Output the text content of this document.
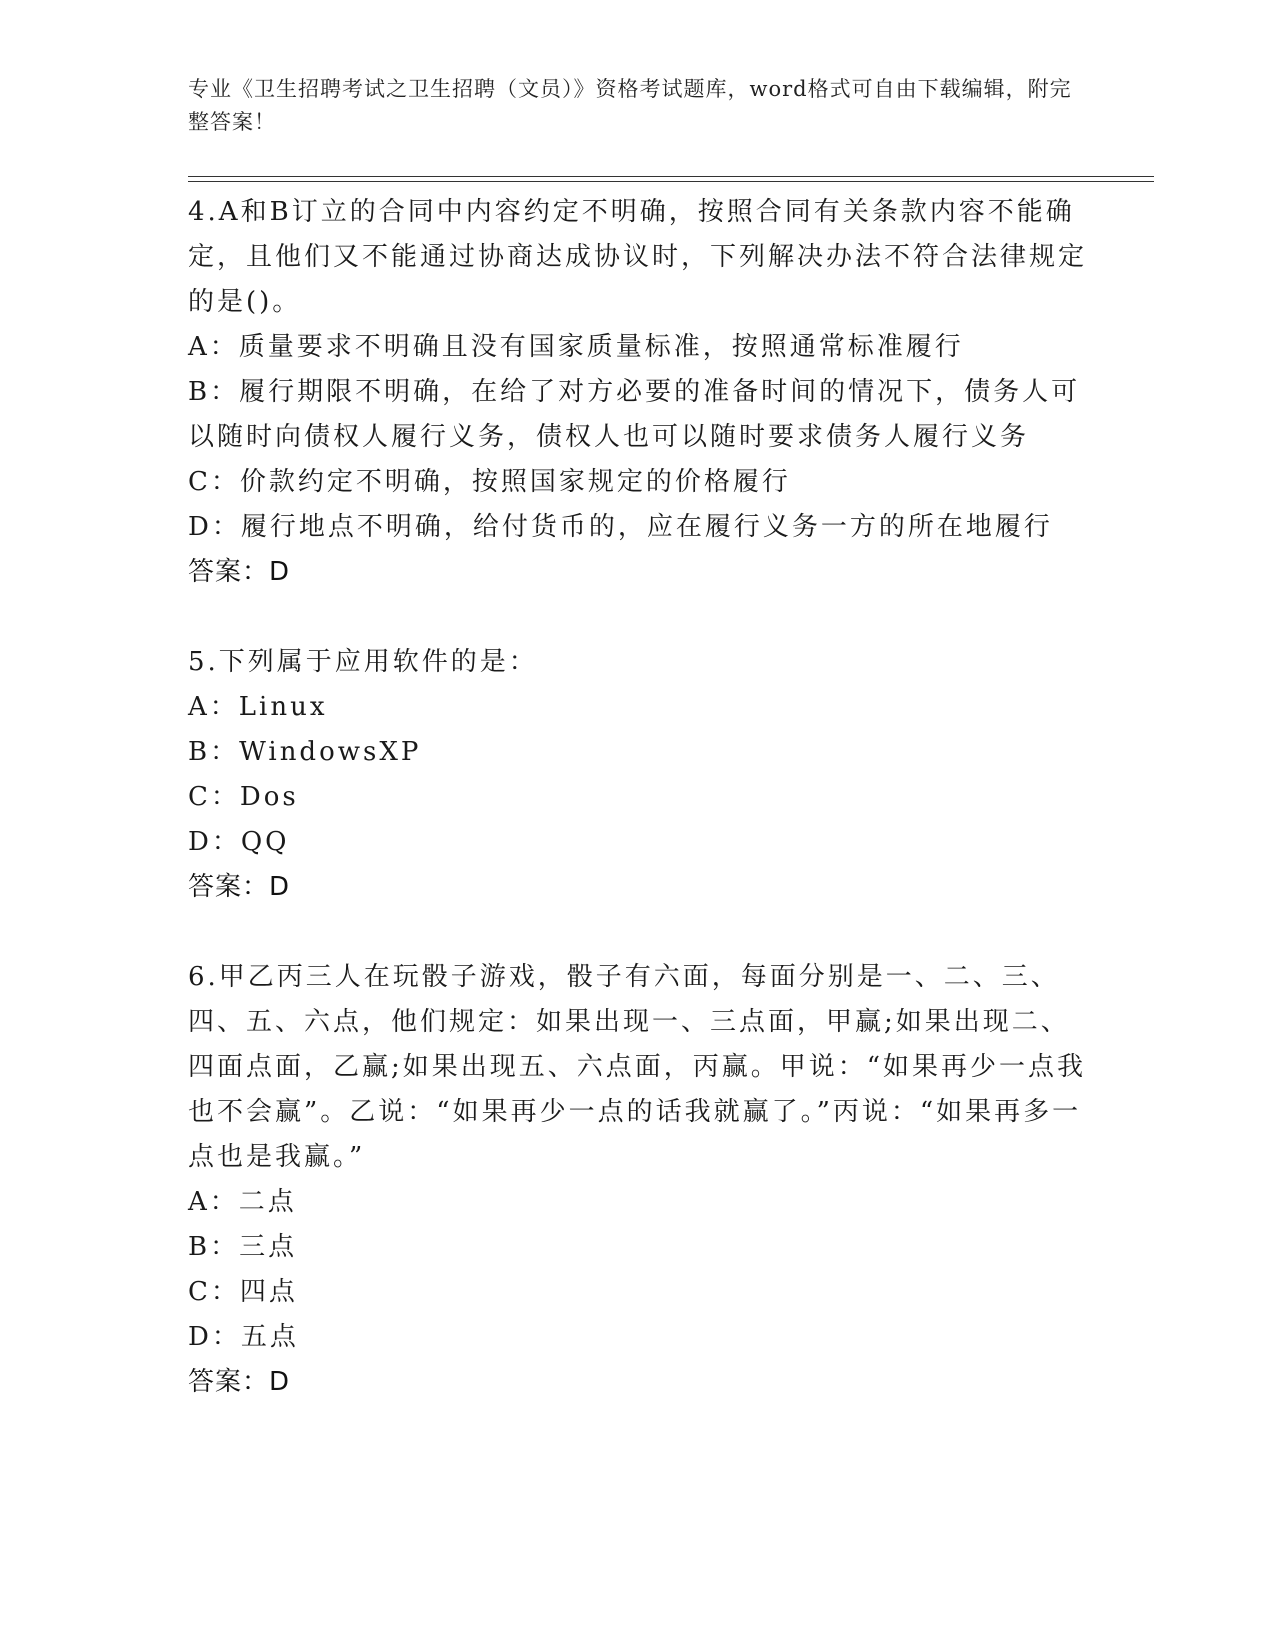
专业《卫生招聘考试之卫生招聘（文员）》资格考试题库，word格式可自由下载编辑，附完整答案！

4.A和B订立的合同中内容约定不明确，按照合同有关条款内容不能确定，且他们又不能通过协商达成协议时，下列解决办法不符合法律规定的是()。

A：质量要求不明确且没有国家质量标准，按照通常标准履行

B：履行期限不明确，在给了对方必要的准备时间的情况下，债务人可以随时向债权人履行义务，债权人也可以随时要求债务人履行义务

C：价款约定不明确，按照国家规定的价格履行

D：履行地点不明确，给付货币的，应在履行义务一方的所在地履行

答案：D

5.下列属于应用软件的是：

A：Linux

B：WindowsXP

C：Dos

D：QQ

答案：D

6.甲乙丙三人在玩骰子游戏，骰子有六面，每面分别是一、二、三、四、五、六点，他们规定：如果出现一、三点面，甲赢;如果出现二、四面点面，乙赢;如果出现五、六点面，丙赢。甲说：“如果再少一点我也不会赢”。乙说：“如果再少一点的话我就赢了。”丙说：“如果再多一点也是我赢。”

A：二点

B：三点

C：四点

D：五点

答案：D
